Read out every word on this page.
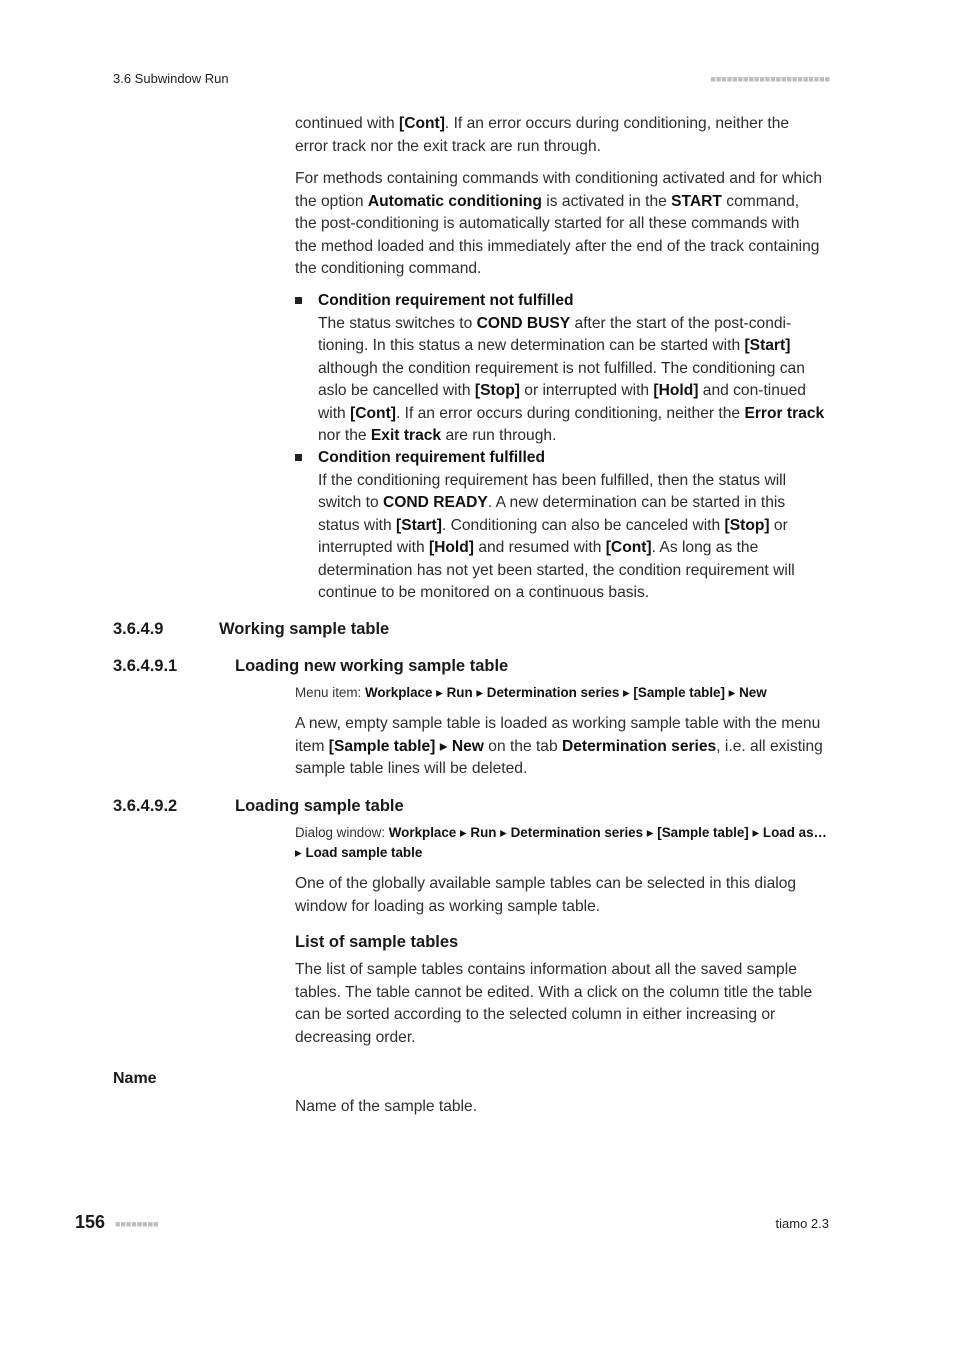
3.6 Subwindow Run	■■■■■■■■■■■■■■■■■■■■■■

continued with [Cont]. If an error occurs during conditioning, neither the error track nor the exit track are run through.

For methods containing commands with conditioning activated and for which the option Automatic conditioning is activated in the START command, the post-conditioning is automatically started for all these commands with the method loaded and this immediately after the end of the track containing the conditioning command.

Condition requirement not fulfilled
The status switches to COND BUSY after the start of the post-condi-tioning. In this status a new determination can be started with [Start] although the condition requirement is not fulfilled. The conditioning can aslo be cancelled with [Stop] or interrupted with [Hold] and con-tinued with [Cont]. If an error occurs during conditioning, neither the Error track nor the Exit track are run through.
Condition requirement fulfilled
If the conditioning requirement has been fulfilled, then the status will switch to COND READY. A new determination can be started in this status with [Start]. Conditioning can also be canceled with [Stop] or interrupted with [Hold] and resumed with [Cont]. As long as the determination has not yet been started, the condition requirement will continue to be monitored on a continuous basis.
3.6.4.9	Working sample table
3.6.4.9.1	Loading new working sample table
Menu item: Workplace ▸ Run ▸ Determination series ▸ [Sample table] ▸ New

A new, empty sample table is loaded as working sample table with the menu item [Sample table] ▸ New on the tab Determination series, i.e. all existing sample table lines will be deleted.

3.6.4.9.2	Loading sample table
Dialog window: Workplace ▸ Run ▸ Determination series ▸ [Sample table] ▸ Load as… ▸ Load sample table

One of the globally available sample tables can be selected in this dialog window for loading as working sample table.

List of sample tables

The list of sample tables contains information about all the saved sample tables. The table cannot be edited. With a click on the column title the table can be sorted according to the selected column in either increasing or decreasing order.

Name

Name of the sample table.

156 ■■■■■■■■	tiamo 2.3
